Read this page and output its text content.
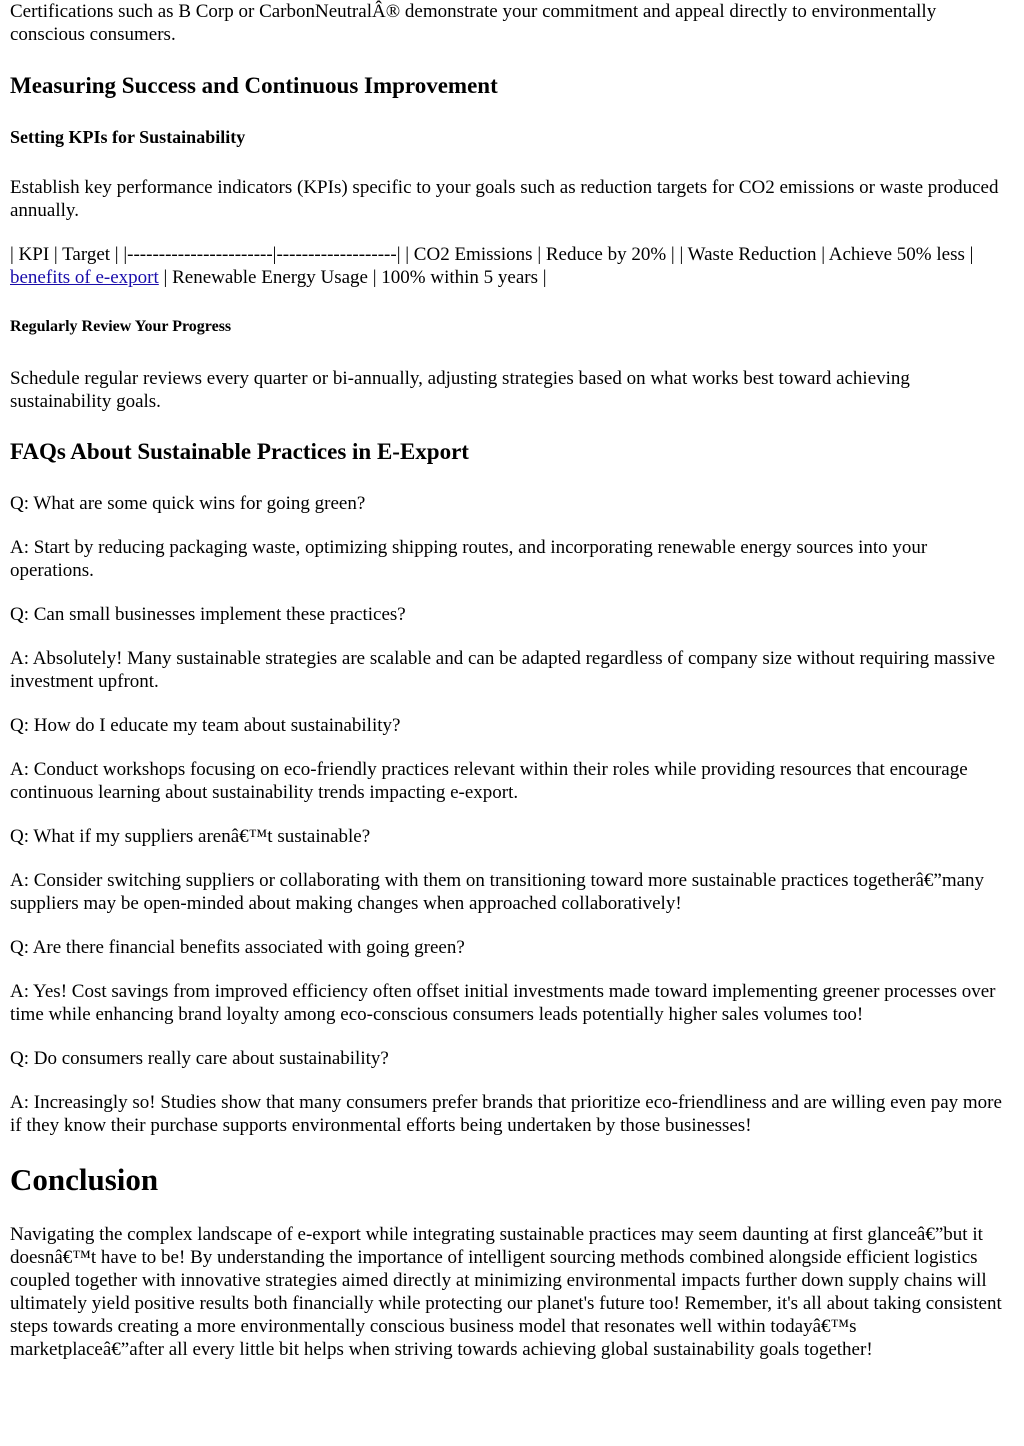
Certifications such as B Corp or CarbonNeutralÂ® demonstrate your commitment and appeal directly to environmentally conscious consumers.

Measuring Success and Continuous Improvement
Setting KPIs for Sustainability

Establish key performance indicators (KPIs) specific to your goals such as reduction targets for CO2 emissions or waste produced annually.

| KPI | Target | |-----------------------|-------------------| | CO2 Emissions | Reduce by 20% | | Waste Reduction | Achieve 50% less | benefits of e-export | Renewable Energy Usage | 100% within 5 years |

Regularly Review Your Progress

Schedule regular reviews every quarter or bi-annually, adjusting strategies based on what works best toward achieving sustainability goals.

FAQs About Sustainable Practices in E-Export

Q: What are some quick wins for going green?

A: Start by reducing packaging waste, optimizing shipping routes, and incorporating renewable energy sources into your operations.

Q: Can small businesses implement these practices?

A: Absolutely! Many sustainable strategies are scalable and can be adapted regardless of company size without requiring massive investment upfront.

Q: How do I educate my team about sustainability?

A: Conduct workshops focusing on eco-friendly practices relevant within their roles while providing resources that encourage continuous learning about sustainability trends impacting e-export.

Q: What if my suppliers arenâ€™t sustainable?

A: Consider switching suppliers or collaborating with them on transitioning toward more sustainable practices togetherâ€”many suppliers may be open-minded about making changes when approached collaboratively!

Q: Are there financial benefits associated with going green?

A: Yes! Cost savings from improved efficiency often offset initial investments made toward implementing greener processes over time while enhancing brand loyalty among eco-conscious consumers leads potentially higher sales volumes too!

Q: Do consumers really care about sustainability?

A: Increasingly so! Studies show that many consumers prefer brands that prioritize eco-friendliness and are willing even pay more if they know their purchase supports environmental efforts being undertaken by those businesses!

Conclusion

Navigating the complex landscape of e-export while integrating sustainable practices may seem daunting at first glanceâ€”but it doesnâ€™t have to be! By understanding the importance of intelligent sourcing methods combined alongside efficient logistics coupled together with innovative strategies aimed directly at minimizing environmental impacts further down supply chains will ultimately yield positive results both financially while protecting our planet's future too! Remember, it's all about taking consistent steps towards creating a more environmentally conscious business model that resonates well within todayâ€™s marketplaceâ€”after all every little bit helps when striving towards achieving global sustainability goals together!
